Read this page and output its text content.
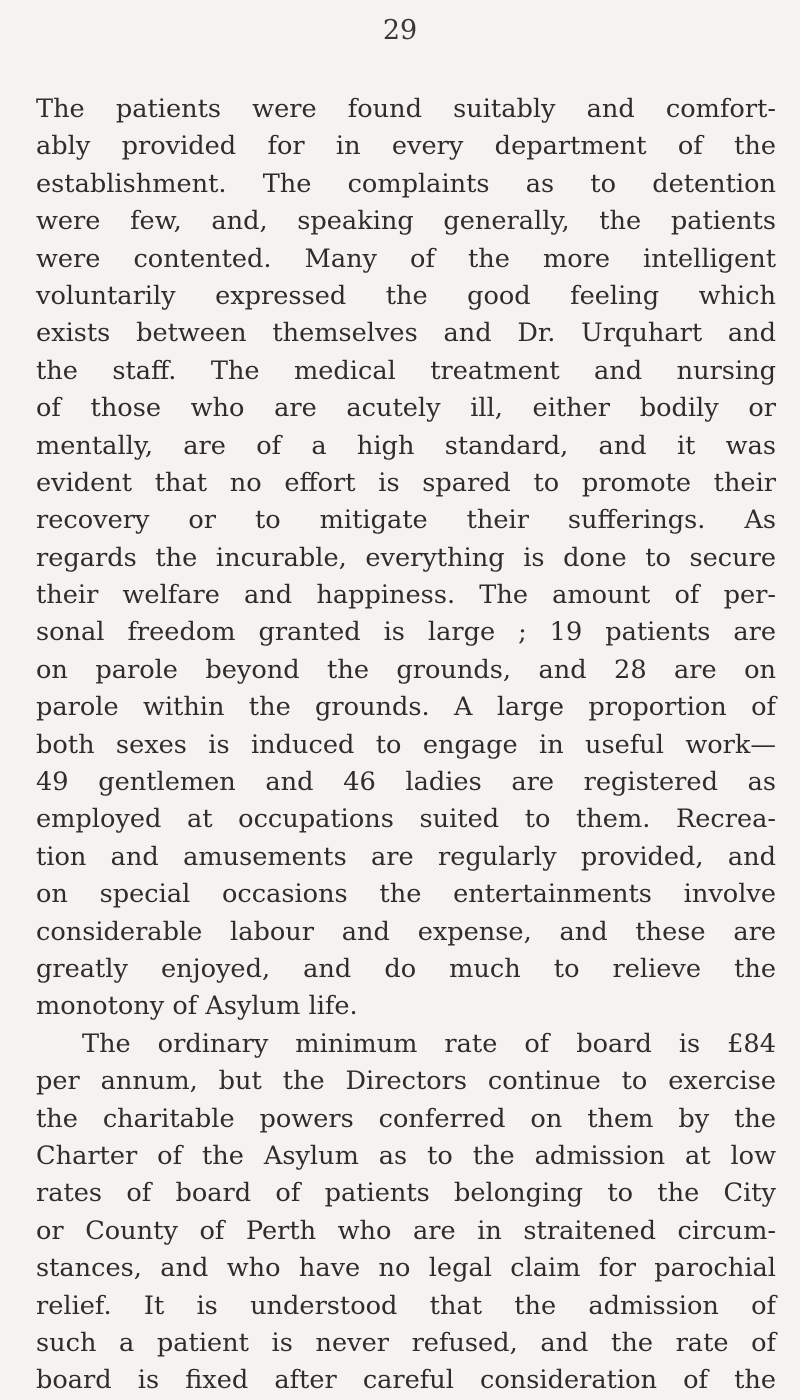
29
The patients were found suitably and comfort-
ably provided for in every department of the
establishment. The complaints as to detention
were few, and, speaking generally, the patients
were contented. Many of the more intelligent
voluntarily expressed the good feeling which
exists between themselves and Dr. Urquhart and
the staff. The medical treatment and nursing
of those who are acutely ill, either bodily or
mentally, are of a high standard, and it was
evident that no effort is spared to promote their
recovery or to mitigate their sufferings. As
regards the incurable, everything is done to secure
their welfare and happiness. The amount of per-
sonal freedom granted is large ; 19 patients are
on parole beyond the grounds, and 28 are on
parole within the grounds. A large proportion of
both sexes is induced to engage in useful work—
49 gentlemen and 46 ladies are registered as
employed at occupations suited to them. Recrea-
tion and amusements are regularly provided, and
on special occasions the entertainments involve
considerable labour and expense, and these are
greatly enjoyed, and do much to relieve the
monotony of Asylum life.
The ordinary minimum rate of board is £84
per annum, but the Directors continue to exercise
the charitable powers conferred on them by the
Charter of the Asylum as to the admission at low
rates of board of patients belonging to the City
or County of Perth who are in straitened circum-
stances, and who have no legal claim for parochial
relief. It is understood that the admission of
such a patient is never refused, and the rate of
board is fixed after careful consideration of the
